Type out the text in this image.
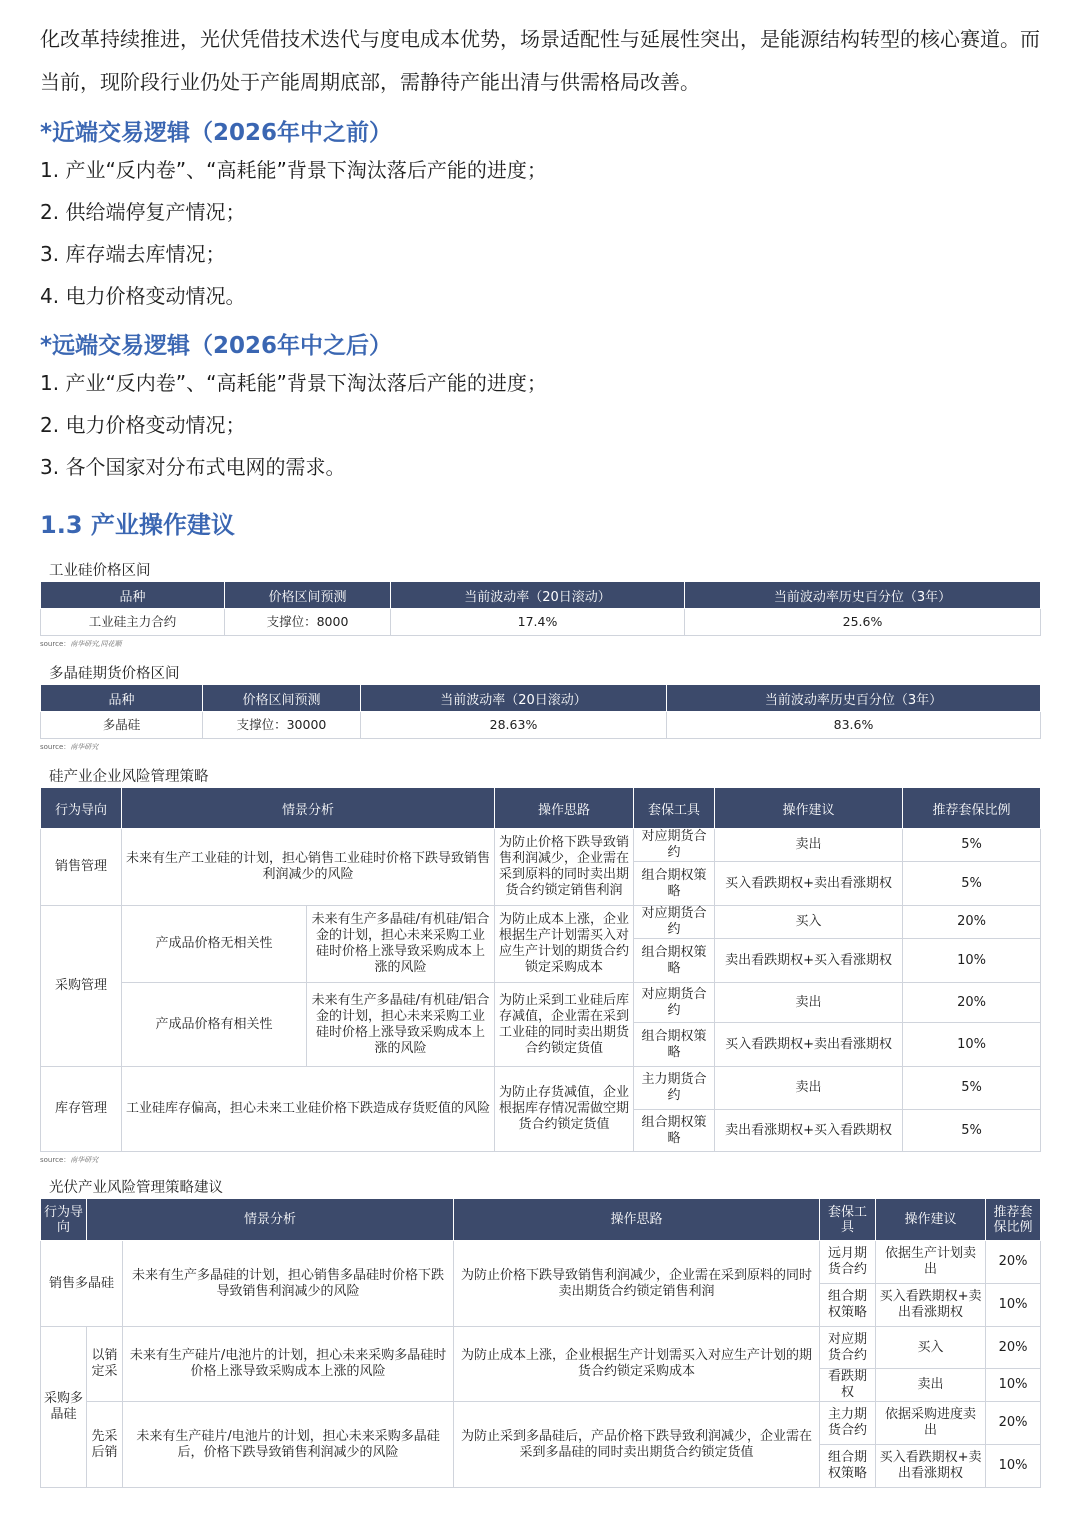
化改革持续推进，光伏凭借技术迭代与度电成本优势，场景适配性与延展性突出，是能源结构转型的核心赛道。而当前，现阶段行业仍处于产能周期底部，需静待产能出清与供需格局改善。

*近端交易逻辑（2026年中之前）

1. 产业“反内卷”、“高耗能”背景下淘汰落后产能的进度；

2. 供给端停复产情况；

3. 库存端去库情况；

4. 电力价格变动情况。

*远端交易逻辑（2026年中之后）

1. 产业“反内卷”、“高耗能”背景下淘汰落后产能的进度；

2. 电力价格变动情况；

3. 各个国家对分布式电网的需求。

1.3 产业操作建议

工业硅价格区间

品种	价格区间预测	当前波动率（20日滚动）	当前波动率历史百分位（3年）
工业硅主力合约	支撑位：8000	17.4%	25.6%

source：南华研究,同花顺

多晶硅期货价格区间

品种	价格区间预测	当前波动率（20日滚动）	当前波动率历史百分位（3年）
多晶硅	支撑位：30000	28.63%	83.6%

source：南华研究

硅产业企业风险管理策略

行为导向	情景分析		操作思路	套保工具	操作建议	推荐套保比例
销售管理	未来有生产工业硅的计划，担心销售工业硅时价格下跌导致销售利润减少的风险		为防止价格下跌导致销售利润减少，企业需在采到原料的同时卖出期货合约锁定销售利润	对应期货合约	卖出	5%
				组合期权策略	买入看跌期权+卖出看涨期权	5%
采购管理	产成品价格无相关性	未来有生产多晶硅/有机硅/铝合金的计划，担心未来采购工业硅时价格上涨导致采购成本上涨的风险	为防止成本上涨，企业根据生产计划需买入对应生产计划的期货合约锁定采购成本	对应期货合约	买入	20%
				组合期权策略	卖出看跌期权+买入看涨期权	10%
	产成品价格有相关性	未来有生产多晶硅/有机硅/铝合金的计划，担心未来采购工业硅时价格上涨导致采购成本上涨的风险	为防止采到工业硅后库存减值，企业需在采到工业硅的同时卖出期货合约锁定货值	对应期货合约	卖出	20%
				组合期权策略	买入看跌期权+卖出看涨期权	10%
库存管理	工业硅库存偏高，担心未来工业硅价格下跌造成存货贬值的风险		为防止存货减值，企业根据库存情况需做空期货合约锁定货值	主力期货合约	卖出	5%
				组合期权策略	卖出看涨期权+买入看跌期权	5%

source：南华研究

光伏产业风险管理策略建议

行为导向	情景分析		操作思路	套保工具	操作建议	推荐套保比例
销售多晶硅		未来有生产多晶硅的计划，担心销售多晶硅时价格下跌导致销售利润减少的风险	为防止价格下跌导致销售利润减少，企业需在采到原料的同时卖出期货合约锁定销售利润	远月期货合约	依据生产计划卖出	20%
				组合期权策略	买入看跌期权+卖出看涨期权	10%
采购多晶硅	以销定采	未来有生产硅片/电池片的计划，担心未来采购多晶硅时价格上涨导致采购成本上涨的风险	为防止成本上涨，企业根据生产计划需买入对应生产计划的期货合约锁定采购成本	对应期货合约	买入	20%
				看跌期权	卖出	10%
	先采后销	未来有生产硅片/电池片的计划，担心未来采购多晶硅后，价格下跌导致销售利润减少的风险	为防止采到多晶硅后，产品价格下跌导致利润减少，企业需在采到多晶硅的同时卖出期货合约锁定货值	主力期货合约	依据采购进度卖出	20%
				组合期权策略	买入看跌期权+卖出看涨期权	10%
